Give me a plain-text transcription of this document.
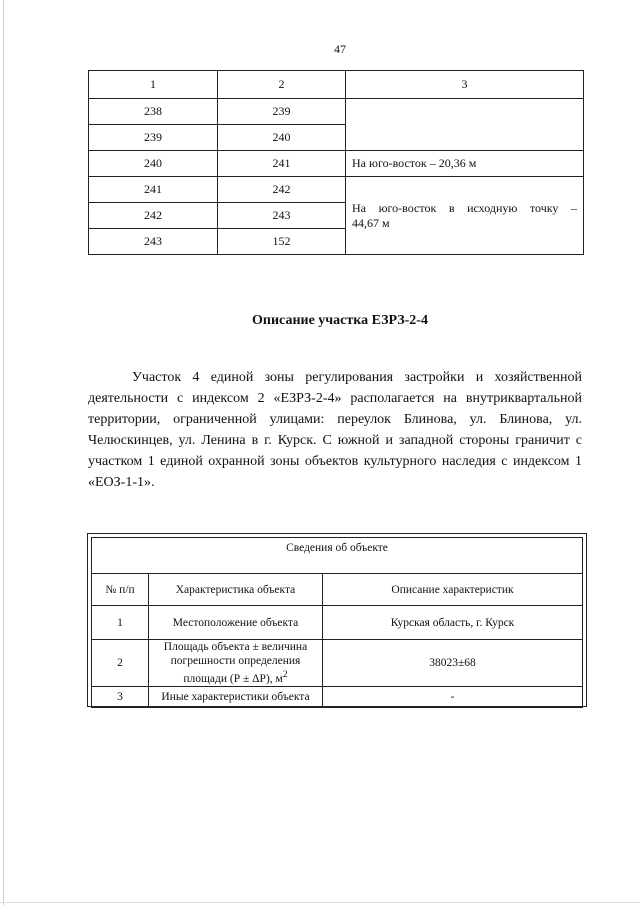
47
1	2	3
238	239	
239	240	
240	241	На юго-восток – 20,36 м
241	242	На юго-восток в исходную точку –
44,67 м

242	243	
243	152	
Описание участка ЕЗРЗ-2-4

Участок 4 единой зоны регулирования застройки и хозяйственной деятельности с индексом 2 «ЕЗРЗ-2-4» располагается на внутриквартальной территории, ограниченной улицами: переулок Блинова, ул. Блинова, ул. Челюскинцев, ул. Ленина в г. Курск. С южной и западной стороны граничит с участком 1 единой охранной зоны объектов культурного наследия с индексом 1 «ЕОЗ-1-1».

Сведения об объекте		
№ п/п	Характеристика объекта	Описание характеристик
1	Местоположение объекта	Курская область, г. Курск
2	Площадь объекта ± величина погрешности определения площади (Р ± ΔР), $м^2$	38023±68
3	Иные характеристики объекта	-
